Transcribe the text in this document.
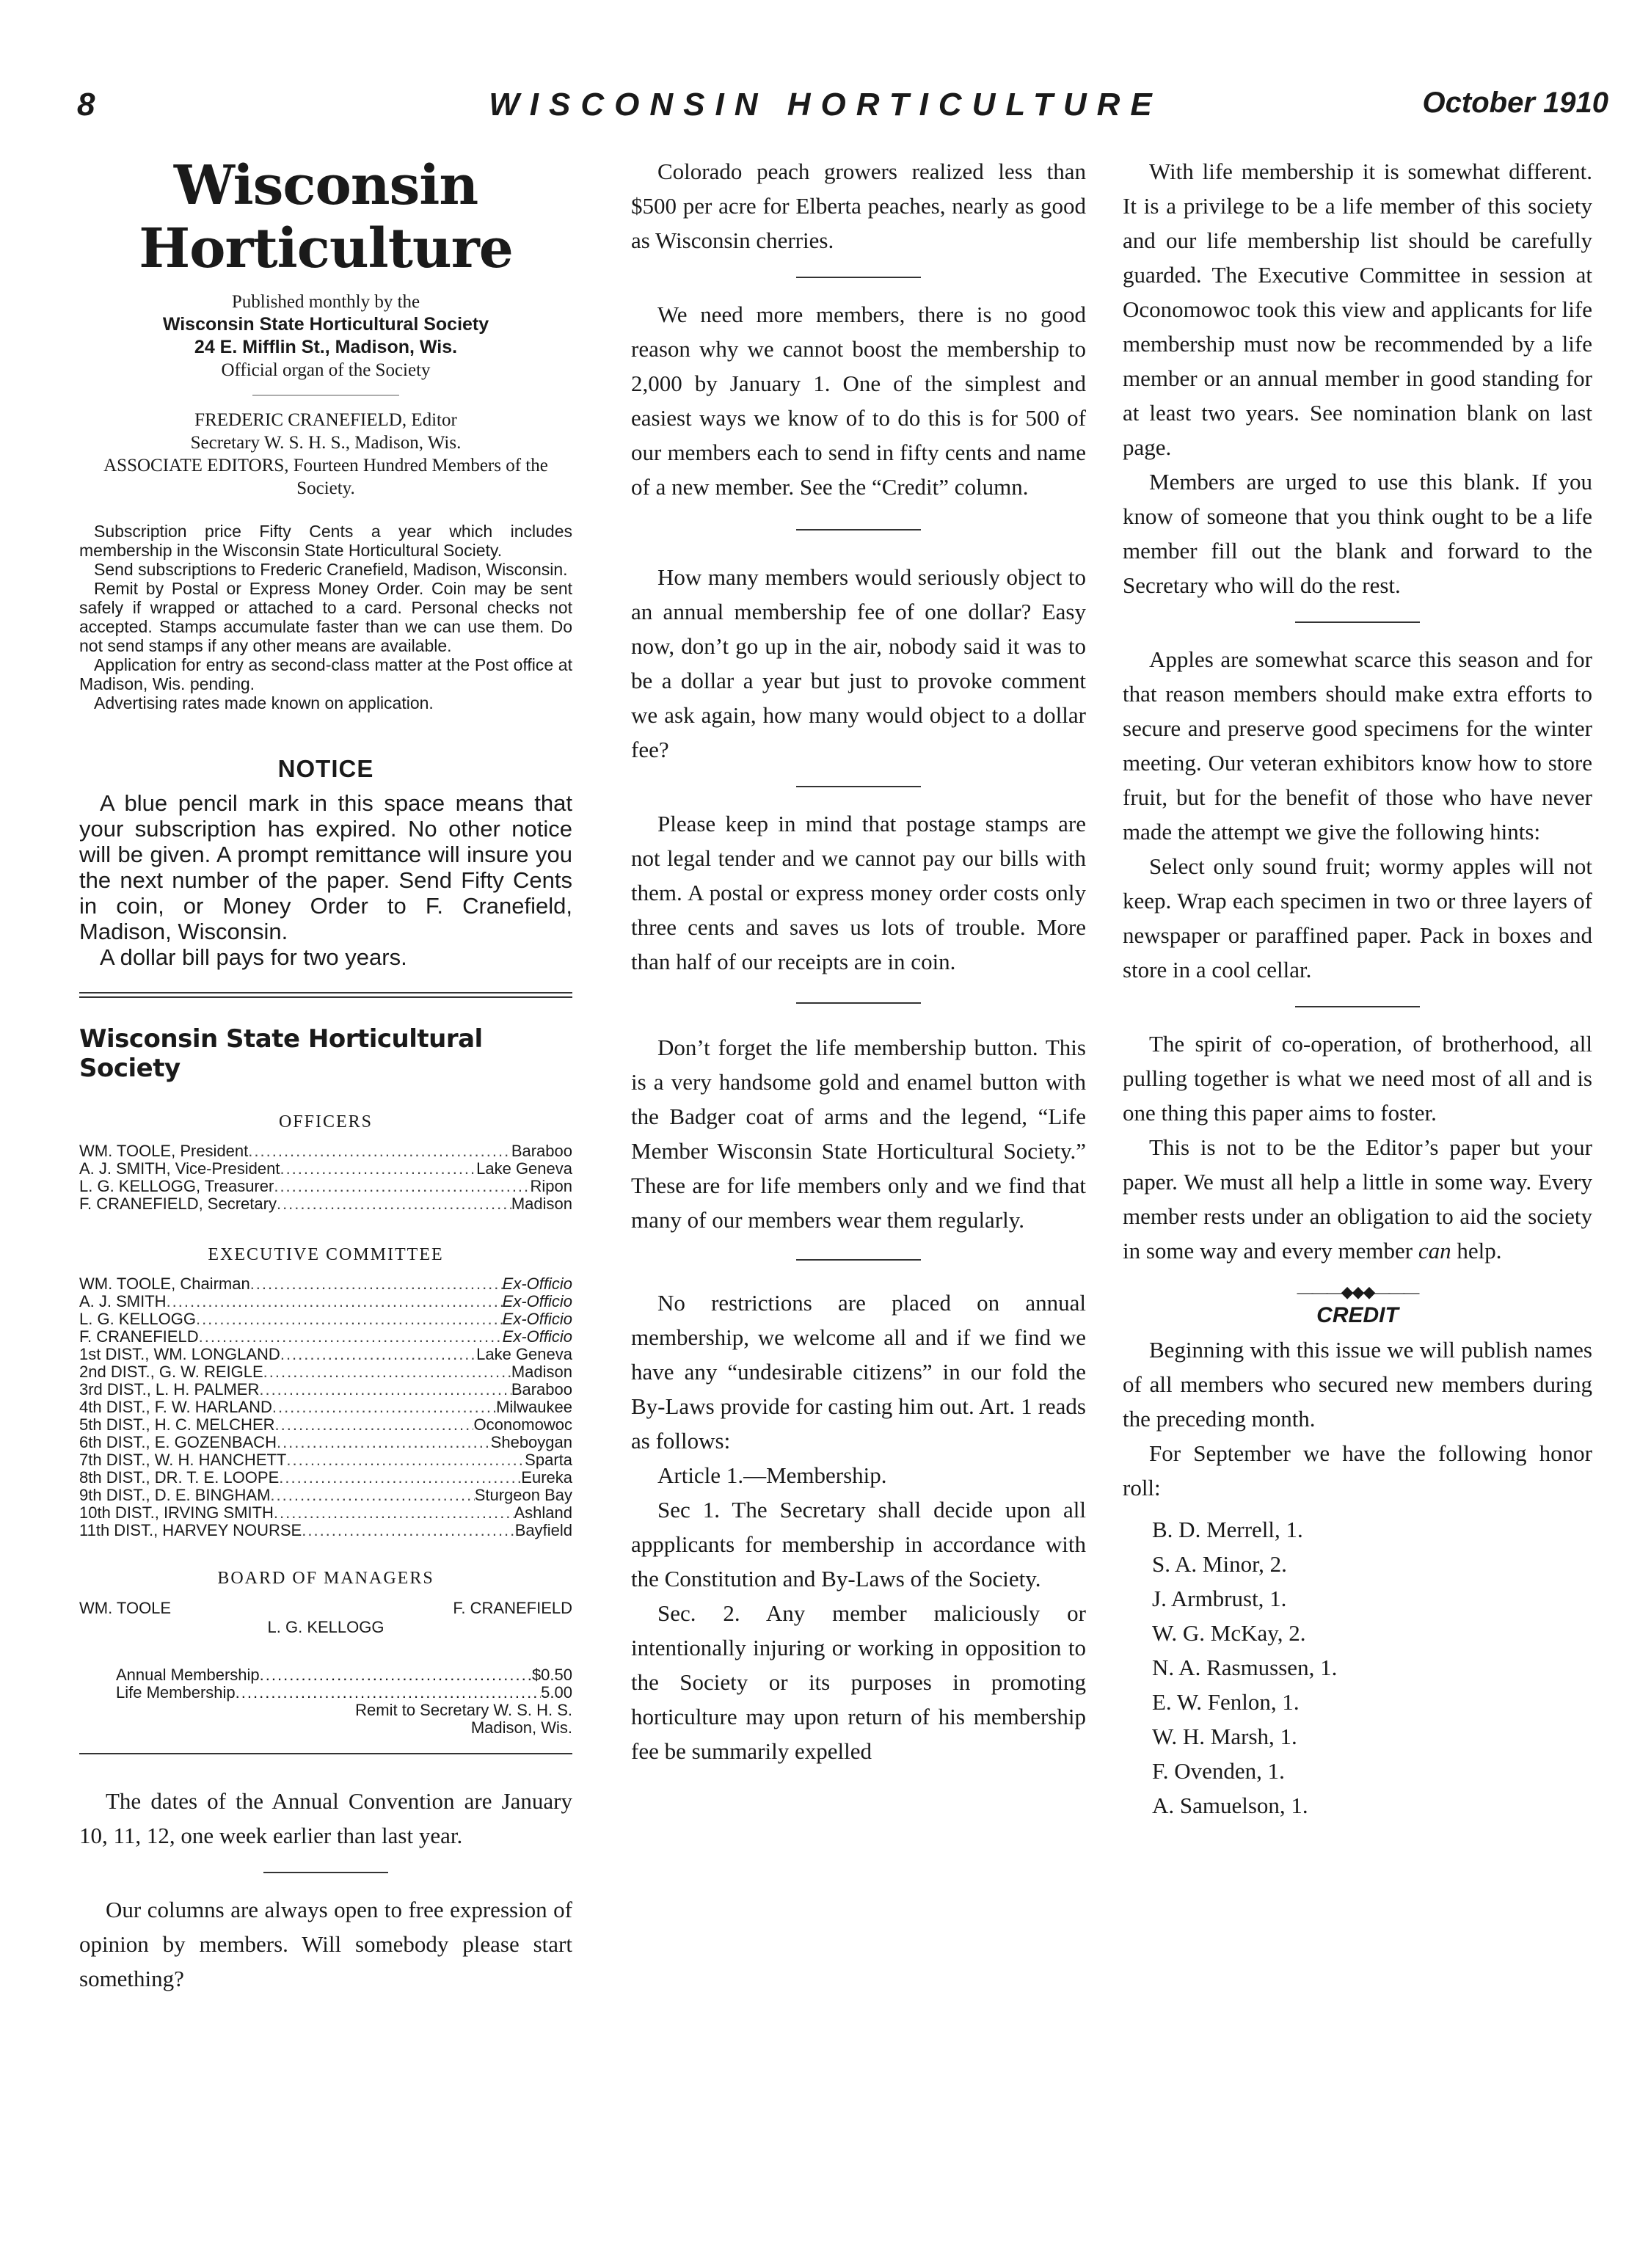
8	WISCONSIN HORTICULTURE	October 1910
Wisconsin Horticulture
Published monthly by the
Wisconsin State Horticultural Society
24 E. Mifflin St., Madison, Wis.
Official organ of the Society
FREDERIC CRANEFIELD, Editor
Secretary W. S. H. S., Madison, Wis.
ASSOCIATE EDITORS, Fourteen Hundred Members of the Society.

Subscription price Fifty Cents a year which includes membership in the Wisconsin State Horticultural Society.

Send subscriptions to Frederic Cranefield, Madison, Wisconsin.

Remit by Postal or Express Money Order. Coin may be sent safely if wrapped or attached to a card. Personal checks not accepted. Stamps accumulate faster than we can use them. Do not send stamps if any other means are available.

Application for entry as second-class matter at the Post office at Madison, Wis. pending.

Advertising rates made known on application.

NOTICE

A blue pencil mark in this space means that your subscription has expired. No other notice will be given. A prompt remittance will insure you the next number of the paper. Send Fifty Cents in coin, or Money Order to F. Cranefield, Madison, Wisconsin.

A dollar bill pays for two years.

Wisconsin State Horticultural Society
OFFICERS
WM. TOOLE, President .....	Baraboo
A. J. SMITH, Vice-President .....	Lake Geneva
L. G. KELLOGG, Treasurer .....	Ripon
F. CRANEFIELD, Secretary .....	Madison
EXECUTIVE COMMITTEE
WM. TOOLE, Chairman .....	Ex-Officio
A. J. SMITH .....	Ex-Officio
L. G. KELLOGG .....	Ex-Officio
F. CRANEFIELD .....	Ex-Officio
1st DIST., WM. LONGLAND .....	Lake Geneva
2nd DIST., G. W. REIGLE .....	Madison
3rd DIST., L. H. PALMER .....	Baraboo
4th DIST., F. W. HARLAND .....	Milwaukee
5th DIST., H. C. MELCHER .....	Oconomowoc
6th DIST., E. GOZENBACH .....	Sheboygan
7th DIST., W. H. HANCHETT .....	Sparta
8th DIST., DR. T. E. LOOPE .....	Eureka
9th DIST., D. E. BINGHAM .....	Sturgeon Bay
10th DIST., IRVING SMITH .....	Ashland
11th DIST., HARVEY NOURSE .....	Bayfield
BOARD OF MANAGERS
WM. TOOLE	F. CRANEFIELD
L. G. KELLOGG
Annual Membership .....	$0.50
Life Membership .....	5.00
Remit to Secretary W. S. H. S.
Madison, Wis.

The dates of the Annual Convention are January 10, 11, 12, one week earlier than last year.

Our columns are always open to free expression of opinion by members. Will somebody please start something?

Colorado peach growers realized less than $500 per acre for Elberta peaches, nearly as good as Wisconsin cherries.

We need more members, there is no good reason why we cannot boost the membership to 2,000 by January 1. One of the simplest and easiest ways we know of to do this is for 500 of our members each to send in fifty cents and name of a new member. See the “Credit” column.

How many members would seriously object to an annual membership fee of one dollar? Easy now, don’t go up in the air, nobody said it was to be a dollar a year but just to provoke comment we ask again, how many would object to a dollar fee?

Please keep in mind that postage stamps are not legal tender and we cannot pay our bills with them. A postal or express money order costs only three cents and saves us lots of trouble. More than half of our receipts are in coin.

Don’t forget the life membership button. This is a very handsome gold and enamel button with the Badger coat of arms and the legend, “Life Member Wisconsin State Horticultural Society.” These are for life members only and we find that many of our members wear them regularly.

No restrictions are placed on annual membership, we welcome all and if we find we have any “undesirable citizens” in our fold the By-Laws provide for casting him out. Art. 1 reads as follows:

Article 1.—Membership.

Sec 1. The Secretary shall decide upon all appplicants for membership in accordance with the Constitution and By-Laws of the Society.

Sec. 2. Any member maliciously or intentionally injuring or working in opposition to the Society or its purposes in promoting horticulture may upon return of his membership fee be summarily expelled

With life membership it is somewhat different. It is a privilege to be a life member of this society and our life membership list should be carefully guarded. The Executive Committee in session at Oconomowoc took this view and applicants for life membership must now be recommended by a life member or an annual member in good standing for at least two years. See nomination blank on last page.

Members are urged to use this blank. If you know of someone that you think ought to be a life member fill out the blank and forward to the Secretary who will do the rest.

Apples are somewhat scarce this season and for that reason members should make extra efforts to secure and preserve good specimens for the winter meeting. Our veteran exhibitors know how to store fruit, but for the benefit of those who have never made the attempt we give the following hints:

Select only sound fruit; wormy apples will not keep. Wrap each specimen in two or three layers of newspaper or paraffined paper. Pack in boxes and store in a cool cellar.

The spirit of co-operation, of brotherhood, all pulling together is what we need most of all and is one thing this paper aims to foster.

This is not to be the Editor’s paper but your paper. We must all help a little in some way. Every member rests under an obligation to aid the society in some way and every member can help.

———◆◆◆———
CREDIT

Beginning with this issue we will publish names of all members who secured new members during the preceding month.

For September we have the following honor roll:

B. D. Merrell, 1.
S. A. Minor, 2.
J. Armbrust, 1.
W. G. McKay, 2.
N. A. Rasmussen, 1.
E. W. Fenlon, 1.
W. H. Marsh, 1.
F. Ovenden, 1.
A. Samuelson, 1.
